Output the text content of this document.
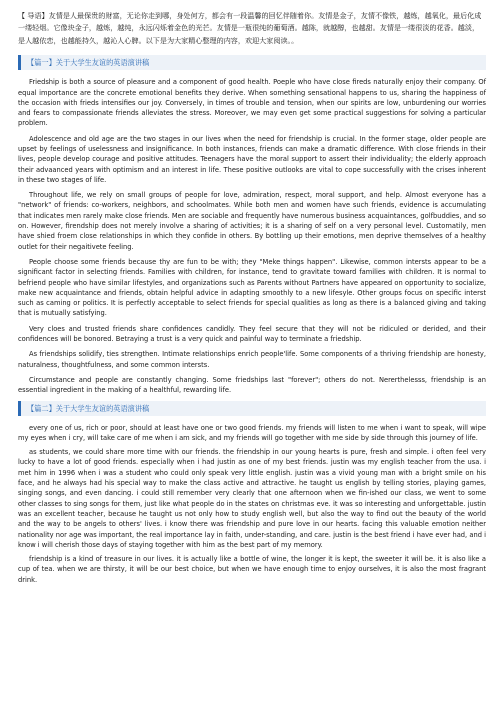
【 导语】友情是人最保贵的财富，无论你走到哪，身处何方，都会有一段温馨的回忆伴随着你。友情是金子，友情不像铁，越炼，越氧化，最后化成一缕轻烟。它像块金子，越炼，越纯，永远闪烁着金色的光芒。友情是一瓶很纯的葡萄酒。越陈，就越醇，也越甜。友情是一缕很淡的花香。越淡，是人越依恋，也越能持久，越沁人心脾。以下是为大家精心整理的内容，欢迎大家阅读。。
【篇一】关于大学生友谊的英语演讲稿

Friedship is both a source of pleasure and a component of good health. Poeple who have close fireds naturally enjoy their company. Of equal importance are the concrete emotional benefits they derive. When something sensational happens to us, sharing the happiness of the occasion with frieds intensifies our joy. Conversely, in times of trouble and tension, when our spirits are low, unburdening our worries and fears to compassionate friends alleviates the stress. Moreover, we may even get some practical suggestions for solving a particular problem.

Adolescence and old age are the two stages in our lives when the need for friendship is crucial. In the former stage, older people are upset by feelings of uselessness and insignificance. In both instances, friends can make a dramatic difference. With close friends in their lives, people develop courage and positive attitudes. Teenagers have the moral support to assert their individuality; the elderly approach their advaanced years with optimism and an interest in life. These positive outlooks are vital to cope successfully with the crises inherent in these two stages of life.

Throughout life, we rely on small groups of people for love, admiration, respect, moral support, and help. Almost everyone has a "network" of friends: co-workers, neighbors, and schoolmates. While both men and women have such friends, evidence is accumulating that indicates men rarely make close friends. Men are sociable and frequently have numerous business acquaintances, golfbuddies, and so on. However, firendship does not merely involve a sharing of activities; it is a sharing of self on a very personal level. Customatily, men have shied froem close relationships in which they confide in others. By bottling up their emotions, men deprive themselves of a healthy outlet for their negaitivete feeling.

People choose some friends because thy are fun to be with; they "Meke things happen". Likewise, common intersts appear to be a significant factor in selecting friends. Families with children, for instance, tend to gravitate toward families with children. It is normal to befriend people who have similar lifestyles, and organizations such as Parents without Partners have appeared on opportunity to socialize, make new acquaintance and friends, obtain helpful advice in adapting smoothly to a new lifesyle. Other groups focus on specific interst such as caming or politics. It is perfectly acceptable to select friends for special qualities as long as there is a balanced giving and taking that is mutually satisfying.

Very cloes and trusted friends share confidences candidly. They feel secure that they will not be ridiculed or derided, and their confidences will be bonored. Betraying a trust is a very quick and painful way to terminate a friedship.

As friendships solidify, ties strengthen. Intimate relationships enrich people'life. Some components of a thriving friendship are honesty, naturalness, thoughtfulness, and some common intersts.

Circumstance and people are constantly changing. Some friedships last "forever"; others do not. Nererthelesss, friendship is an essential ingredient in the making of a healthful, rewarding life.

【篇二】关于大学生友谊的英语演讲稿

every one of us, rich or poor, should at least have one or two good friends. my friends will listen to me when i want to speak, will wipe my eyes when i cry, will take care of me when i am sick, and my friends will go together with me side by side through this journey of life.

as students, we could share more time with our friends. the friendship in our young hearts is pure, fresh and simple. i often feel very lucky to have a lot of good friends. especially when i had justin as one of my best friends. justin was my english teacher from the usa. i met him in 1996 when i was a student who could only speak very little english. justin was a vivid young man with a bright smile on his face, and he always had his special way to make the class active and attractive. he taught us english by telling stories, playing games, singing songs, and even dancing. i could still remember very clearly that one afternoon when we fin-ished our class, we went to some other classes to sing songs for them, just like what people do in the states on christmas eve. it was so interesting and unforgettable. justin was an excellent teacher, because he taught us not only how to study english well, but also the way to find out the beauty of the world and the way to be angels to others' lives. i know there was friendship and pure love in our hearts. facing this valuable emotion neither nationality nor age was important, the real importance lay in faith, under-standing, and care. justin is the best friend i have ever had, and i know i will cherish those days of staying together with him as the best part of my memory.

friendship is a kind of treasure in our lives. it is actually like a bottle of wine, the longer it is kept, the sweeter it will be. it is also like a cup of tea. when we are thirsty, it will be our best choice, but when we have enough time to enjoy ourselves, it is also the most fragrant drink.
